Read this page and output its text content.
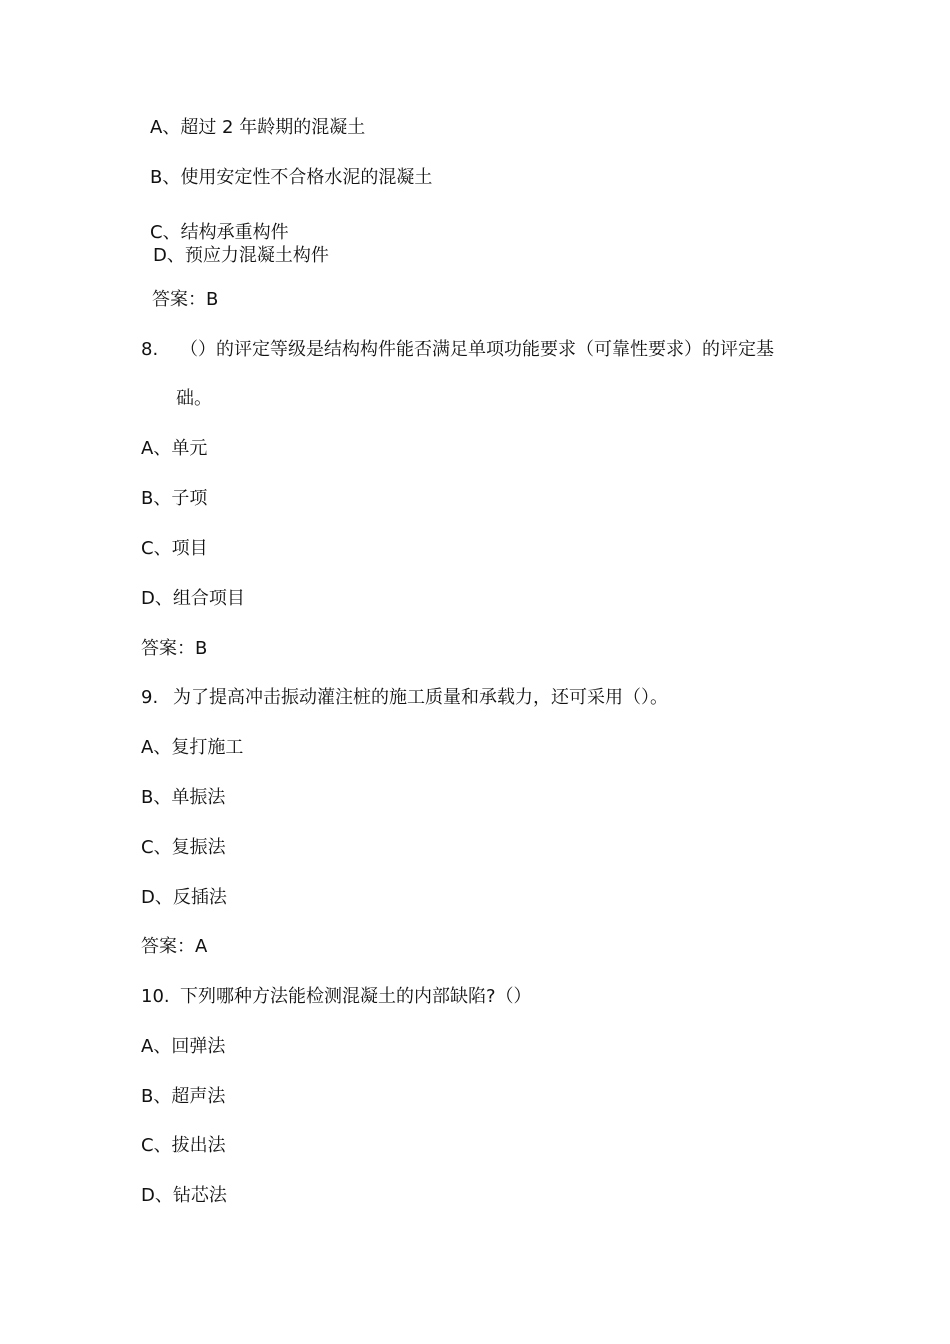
A、超过 2 年龄期的混凝土
B、使用安定性不合格水泥的混凝土
C、结构承重构件
D、预应力混凝土构件
答案：B
8. （）的评定等级是结构构件能否满足单项功能要求（可靠性要求）的评定基
础。
A、单元
B、子项
C、项目
D、组合项目
答案：B
9. 为了提高冲击振动灌注桩的施工质量和承载力，还可采用（）。
A、复打施工
B、单振法
C、复振法
D、反插法
答案：A
10. 下列哪种方法能检测混凝土的内部缺陷?（）
A、回弹法
B、超声法
C、拔出法
D、钻芯法
